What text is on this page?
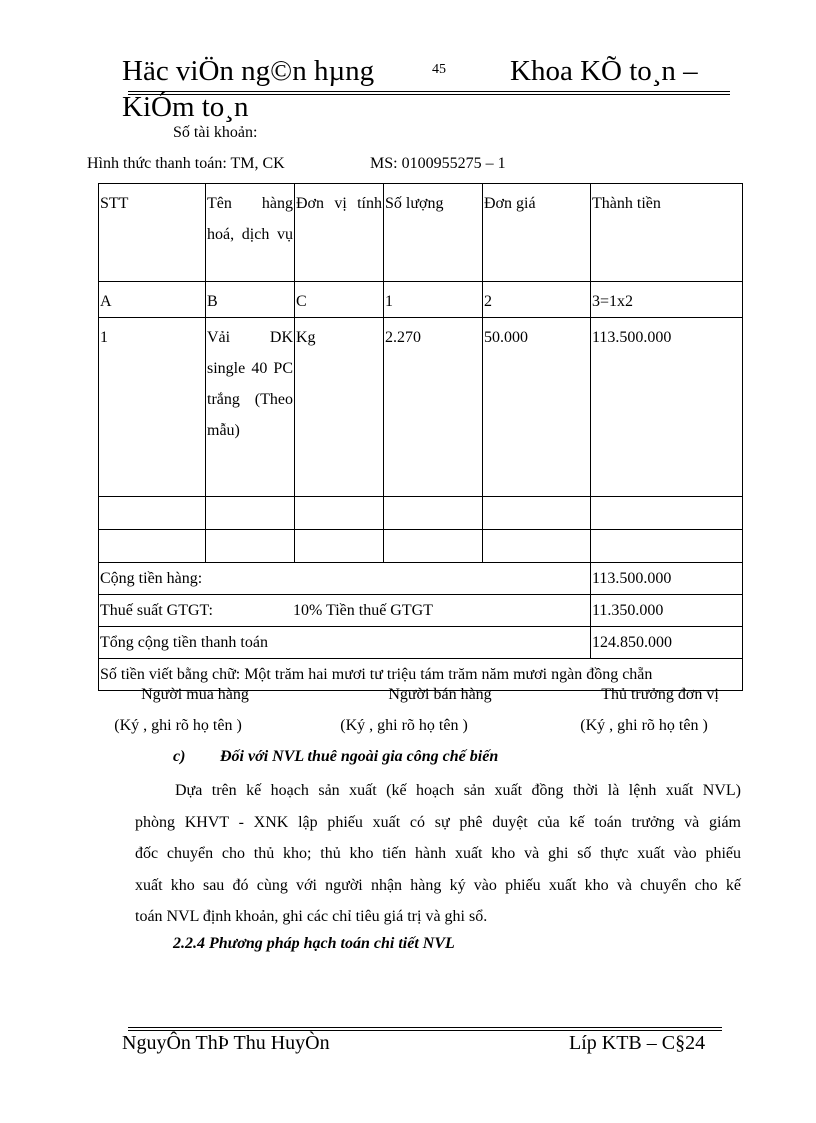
Häc viÖn ng©n hµng	45 Khoa KÕ to¸n –
KiÓm to¸n
Số tài khoản:
Hình thức thanh toán: TM, CK	MS: 0100955275 – 1
STT	Tên hàng hoá, dịch vụ	Đơn vị tính	Số lượng	Đơn giá	Thành tiền
A	B	C	1	2	3=1x2
1	Vải DK single 40 PC trắng (Theo mẫu)	Kg	2.270	50.000	113.500.000

Cộng tiền hàng:					113.500.000
Thuế suất GTGT: 10% Tiền thuế GTGT					11.350.000
Tổng cộng tiền thanh toán					124.850.000
Số tiền viết bằng chữ: Một trăm hai mươi tư triệu tám trăm năm mươi ngàn đồng chẵn					
Người mua hàng	Người bán hàng	Thủ trưởng đơn vị
(Ký , ghi rõ họ tên )	(Ký , ghi rõ họ tên )	(Ký , ghi rõ họ tên )
c) Đối với NVL thuê ngoài gia công chế biến
Dựa trên kế hoạch sản xuất (kế hoạch sản xuất đồng thời là lệnh xuất NVL)
phòng KHVT - XNK lập phiếu xuất có sự phê duyệt của kế toán trưởng và giám
đốc chuyển cho thủ kho; thủ kho tiến hành xuất kho và ghi số thực xuất vào phiếu
xuất kho sau đó cùng với người nhận hàng ký vào phiếu xuất kho và chuyển cho kế
toán NVL định khoản, ghi các chỉ tiêu giá trị và ghi sổ.
2.2.4 Phương pháp hạch toán chi tiết NVL
NguyÔn ThÞ Thu HuyÒn	Líp KTB – C§24
